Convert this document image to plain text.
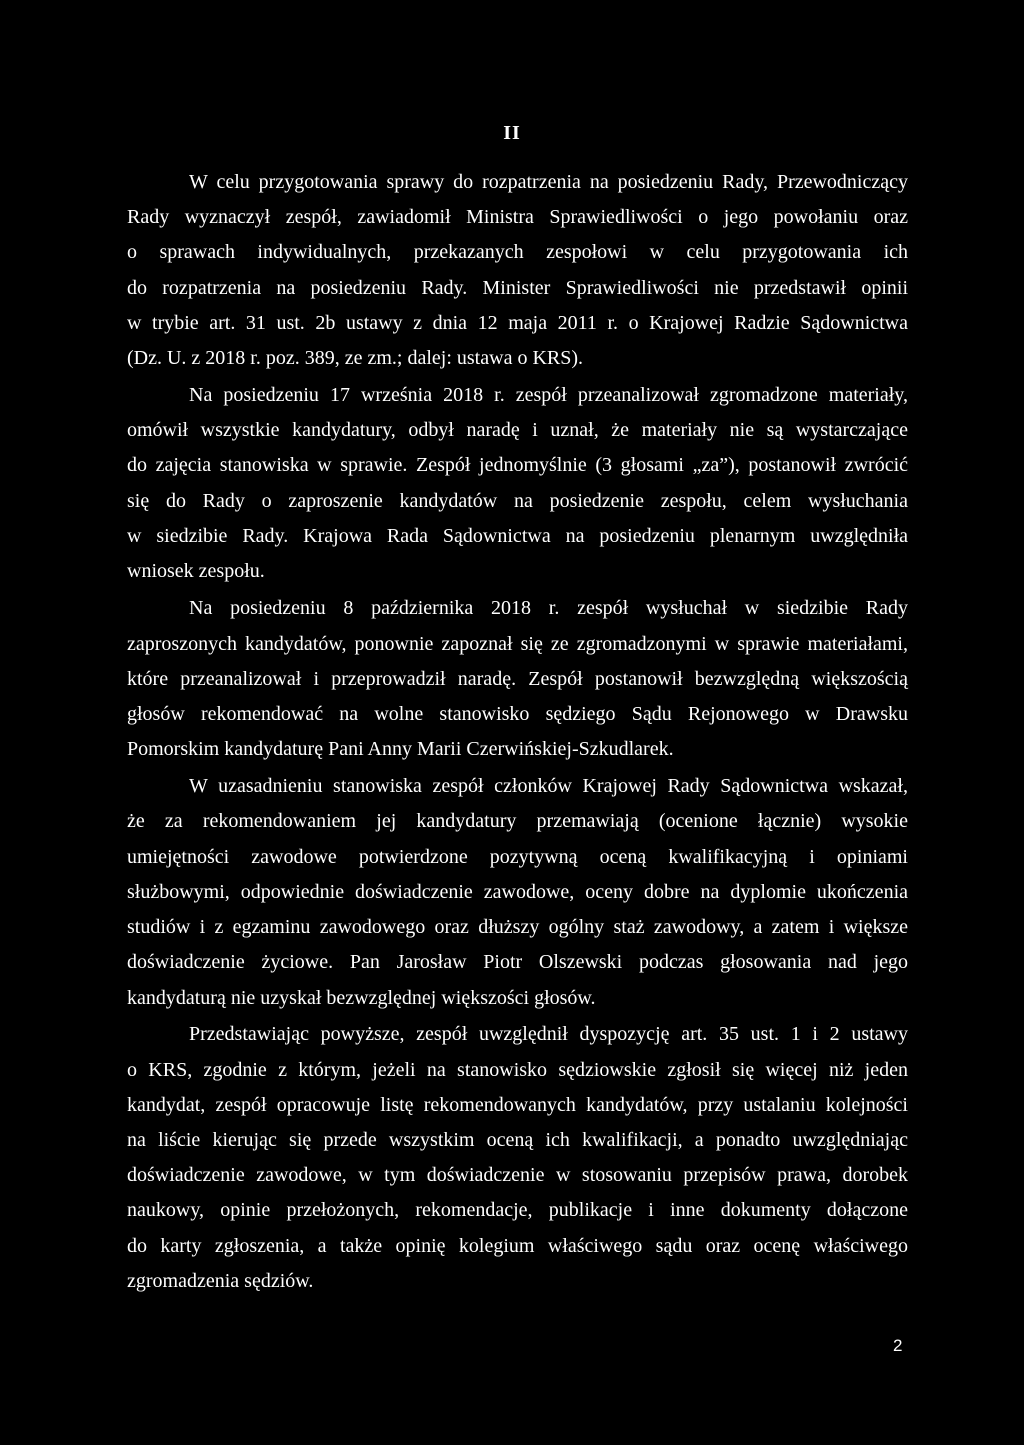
II
W celu przygotowania sprawy do rozpatrzenia na posiedzeniu Rady, Przewodniczący
Rady wyznaczył zespół, zawiadomił Ministra Sprawiedliwości o jego powołaniu oraz
o sprawach indywidualnych, przekazanych zespołowi w celu przygotowania ich
do rozpatrzenia na posiedzeniu Rady. Minister Sprawiedliwości nie przedstawił opinii
w trybie art. 31 ust. 2b ustawy z dnia 12 maja 2011 r. o Krajowej Radzie Sądownictwa
(Dz. U. z 2018 r. poz. 389, ze zm.; dalej: ustawa o KRS).
Na posiedzeniu 17 września 2018 r. zespół przeanalizował zgromadzone materiały,
omówił wszystkie kandydatury, odbył naradę i uznał, że materiały nie są wystarczające
do zajęcia stanowiska w sprawie. Zespół jednomyślnie (3 głosami „za”), postanowił zwrócić
się do Rady o zaproszenie kandydatów na posiedzenie zespołu, celem wysłuchania
w siedzibie Rady. Krajowa Rada Sądownictwa na posiedzeniu plenarnym uwzględniła
wniosek zespołu.
Na posiedzeniu 8 października 2018 r. zespół wysłuchał w siedzibie Rady
zaproszonych kandydatów, ponownie zapoznał się ze zgromadzonymi w sprawie materiałami,
które przeanalizował i przeprowadził naradę. Zespół postanowił bezwzględną większością
głosów rekomendować na wolne stanowisko sędziego Sądu Rejonowego w Drawsku
Pomorskim kandydaturę Pani Anny Marii Czerwińskiej-Szkudlarek.
W uzasadnieniu stanowiska zespół członków Krajowej Rady Sądownictwa wskazał,
że za rekomendowaniem jej kandydatury przemawiają (ocenione łącznie) wysokie
umiejętności zawodowe potwierdzone pozytywną oceną kwalifikacyjną i opiniami
służbowymi, odpowiednie doświadczenie zawodowe, oceny dobre na dyplomie ukończenia
studiów i z egzaminu zawodowego oraz dłuższy ogólny staż zawodowy, a zatem i większe
doświadczenie życiowe. Pan Jarosław Piotr Olszewski podczas głosowania nad jego
kandydaturą nie uzyskał bezwzględnej większości głosów.
Przedstawiając powyższe, zespół uwzględnił dyspozycję art. 35 ust. 1 i 2 ustawy
o KRS, zgodnie z którym, jeżeli na stanowisko sędziowskie zgłosił się więcej niż jeden
kandydat, zespół opracowuje listę rekomendowanych kandydatów, przy ustalaniu kolejności
na liście kierując się przede wszystkim oceną ich kwalifikacji, a ponadto uwzględniając
doświadczenie zawodowe, w tym doświadczenie w stosowaniu przepisów prawa, dorobek
naukowy, opinie przełożonych, rekomendacje, publikacje i inne dokumenty dołączone
do karty zgłoszenia, a także opinię kolegium właściwego sądu oraz ocenę właściwego
zgromadzenia sędziów.
2
